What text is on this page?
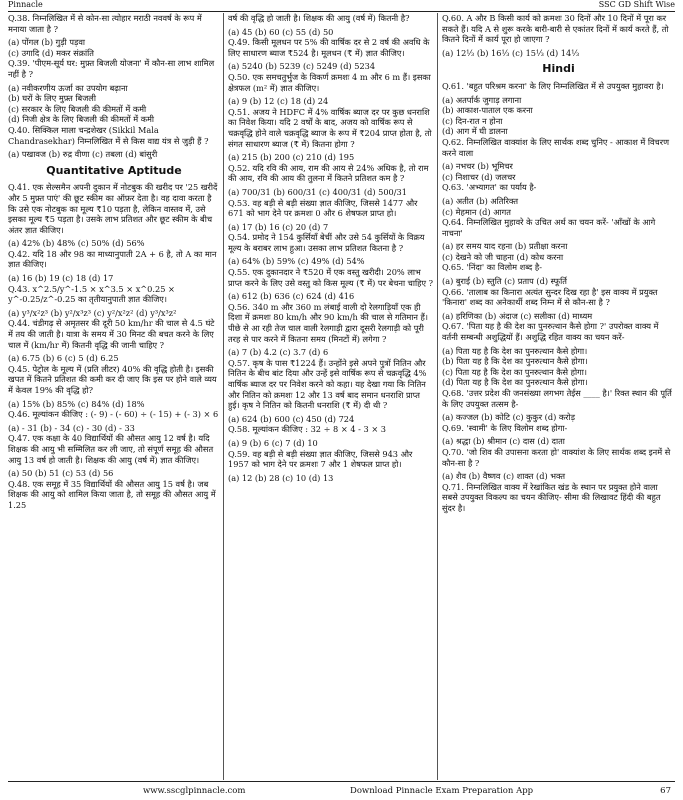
Pinnacle	SSC GD Shift Wise
Q.38. निम्नलिखित में से कोन-सा त्योहार मराठी नववर्ष के रूप में मनाया जाता है ?
(a) पोंगल (b) गुड़ी पड़वा
(c) उगादि (d) मकर संक्रांति
Q.39. 'पीएम-सूर्य घर: मुफ़्त बिजली योजना' में कौन-सा लाभ शामिल नहीं है ?
(a) नवीकरणीय ऊर्जा का उपयोग बढ़ाना
(b) घरों के लिए मुफ़्त बिजली
(c) सरकार के लिए बिजली की कीमतों में कमी
(d) निजी क्षेत्र के लिए बिजली की कीमतों में कमी
Q.40. सिक्किल माला चन्द्रशेखर (Sikkil Mala Chandrasekhar) निम्नलिखित में से किस वाद्य यंत्र से जुड़ी हैं ?
(a) पखावज (b) रुद्र वीणा (c) तबला (d) बांसुरी
Quantitative Aptitude
Q.41. एक सेल्समैन अपनी दुकान में नोटबुक की खरीद पर '25 खरीदें और 5 मुफ़्त पाएं' की छूट स्कीम का ऑफ़र देता है। वह दावा करता है कि उसे एक नोटबुक का मूल्य ₹10 पड़ता है, लेकिन वास्तव में, उसे इसका मूल्य ₹5 पड़ता है। उसके लाभ प्रतिशत और छूट स्कीम के बीच अंतर ज्ञात कीजिए।
(a) 42% (b) 48% (c) 50% (d) 56%
Q.42. यदि 18 और 98 का माध्यानुपाती 2A + 6 है, तो A का मान ज्ञात कीजिए।
(a) 16 (b) 19 (c) 18 (d) 17
Q.43. x^2.5/y^-1.5 × x^3.5 × x^0.25 × y^-0.25/z^-0.25 का तृतीयानुपाती ज्ञात कीजिए।
(a) y³/x²z³ (b) y²/x³z³ (c) y²/x²z² (d) y³/x³z²
Q.44. चंडीगढ़ से अमृतसर की दूरी 50 km/hr की चाल से 4.5 घंटे में तय की जाती है। यात्रा के समय में 30 मिनट की बचत करने के लिए चाल में (km/hr में) कितनी वृद्धि की जानी चाहिए ?
(a) 6.75 (b) 6 (c) 5 (d) 6.25
Q.45. पेट्रोल के मूल्य में (प्रति लीटर) 40% की वृद्धि होती है। इसकी खपत में कितने प्रतिशत की कमी कर दी जाए कि इस पर होने वाले व्यय में केवल 19% की वृद्धि हो?
(a) 15% (b) 85% (c) 84% (d) 18%
Q.46. मूल्यांकन कीजिए : (- 9) - (- 60) ÷ (- 15) + (- 3) × 6
(a) - 31 (b) - 34 (c) - 30 (d) - 33
Q.47. एक कक्षा के 40 विद्यार्थियों की औसत आयु 12 वर्ष है। यदि शिक्षक की आयु भी सम्मिलित कर ली जाए, तो संपूर्ण समूह की औसत आयु 13 वर्ष हो जाती है। शिक्षक की आयु (वर्ष में) ज्ञात कीजिए।
(a) 50 (b) 51 (c) 53 (d) 56
Q.48. एक समूह में 35 विद्यार्थियों की औसत आयु 15 वर्ष है। जब शिक्षक की आयु को शामिल किया जाता है, तो समूह की औसत आयु में 1.25
वर्ष की वृद्धि हो जाती है। शिक्षक की आयु (वर्ष में) कितनी है?
(a) 45 (b) 60 (c) 55 (d) 50
Q.49. किसी मूलधन पर 5% की वार्षिक दर से 2 वर्ष की अवधि के लिए साधारण ब्याज ₹524 है। मूलधन (₹ में) ज्ञात कीजिए।
(a) 5240 (b) 5239 (c) 5249 (d) 5234
Q.50. एक समचतुर्भुज के विकर्ण क्रमशः 4 m और 6 m हैं। इसका क्षेत्रफल (m² में) ज्ञात कीजिए।
(a) 9 (b) 12 (c) 18 (d) 24
Q.51. अजय ने HDFC में 4% वार्षिक ब्याज दर पर कुछ धनराशि का निवेश किया। यदि 2 वर्षों के बाद, अजय को वार्षिक रूप से चक्रवृद्धि होने वाले चक्रवृद्धि ब्याज के रूप में ₹204 प्राप्त होता है, तो संगत साधारण ब्याज (₹ में) कितना होगा ?
(a) 215 (b) 200 (c) 210 (d) 195
Q.52. यदि रवि की आय, राम की आय से 24% अधिक है, तो राम की आय, रवि की आय की तुलना में कितने प्रतिशत कम है ?
(a) 700/31 (b) 600/31 (c) 400/31 (d) 500/31
Q.53. वह बड़ी से बड़ी संख्या ज्ञात कीजिए, जिससे 1477 और 671 को भाग देने पर क्रमशः 0 और 6 शेषफल प्राप्त हो।
(a) 17 (b) 16 (c) 20 (d) 7
Q.54. प्रमोद ने 154 कुर्सियाँ बेचीं और उसे 54 कुर्सियों के विक्रय मूल्य के बराबर लाभ हुआ। उसका लाभ प्रतिशत कितना है ?
(a) 64% (b) 59% (c) 49% (d) 54%
Q.55. एक दुकानदार ने ₹520 में एक वस्तु खरीदी। 20% लाभ प्राप्त करने के लिए उसे वस्तु को किस मूल्य (₹ में) पर बेचना चाहिए ?
(a) 612 (b) 636 (c) 624 (d) 416
Q.56. 340 m और 360 m लंबाई वाली दो रेलगाड़ियाँ एक ही दिशा में क्रमशः 80 km/h और 90 km/h की चाल से गतिमान हैं। पीछे से आ रही तेज चाल वाली रेलगाड़ी द्वारा दूसरी रेलगाड़ी को पूरी तरह से पार करने में कितना समय (मिनटों में) लगेगा ?
(a) 7 (b) 4.2 (c) 3.7 (d) 6
Q.57. कृष के पास ₹1224 हैं। उन्होंने इसे अपने पुत्रों नितिन और नितिन के बीच बांट दिया और उन्हें इसे वार्षिक रूप से चक्रवृद्धि 4% वार्षिक ब्याज दर पर निवेश करने को कहा। यह देखा गया कि नितिन और नितिन को क्रमशः 12 और 13 वर्ष बाद समान धनराशि प्राप्त हुई। कृष ने नितिन को कितनी धनराशि (₹ में) दी थी ?
(a) 624 (b) 600 (c) 450 (d) 724
Q.58. मूल्यांकन कीजिए : 32 ÷ 8 × 4 - 3 × 3
(a) 9 (b) 6 (c) 7 (d) 10
Q.59. वह बड़ी से बड़ी संख्या ज्ञात कीजिए, जिससे 943 और 1957 को भाग देने पर क्रमशः 7 और 1 शेषफल प्राप्त हो।
(a) 12 (b) 28 (c) 10 (d) 13
Q.60. A और B किसी कार्य को क्रमशः 30 दिनों और 10 दिनों में पूरा कर सकते हैं। यदि A से शुरू करके बारी-बारी से एकांतर दिनों में कार्य करते हैं, तो कितने दिनों में कार्य पूरा हो जाएगा ?
(a) 12⅓ (b) 16⅓ (c) 15⅓ (d) 14⅓
Hindi
Q.61. 'बहुत परिश्रम करना' के लिए निम्नलिखित में से उपयुक्त मुहावरा है।
(a) अतर्पार्क जुगाड़ लगाना
(b) आकाश-पाताल एक करना
(c) दिन-रात न होना
(d) आग में घी डालना
Q.62. निम्नलिखित वाक्यांश के लिए सार्थक शब्द चुनिए - आकाश में विचरण करने वाला
(a) नभचर (b) भूमिचर
(c) निशाचर (d) जलचर
Q.63. 'अभ्यागत' का पर्याय है-
(a) अतीत (b) अतिरिक्त
(c) मेहमान (d) आगत
Q.64. निम्नलिखित मुहावरे के उचित अर्थ का चयन करें- 'आँखों के आगे नाचना'
(a) हर समय याद रहना (b) प्रतीक्षा करना
(c) देखने को जी चाहना (d) कोध करना
Q.65. 'निंदा' का विलोम शब्द है-
(a) बुराई (b) स्तुति (c) प्रताप (d) स्फूर्ति
Q.66. 'तालाब का किनारा अत्यंत सुन्दर दिख रहा है' इस वाक्य में प्रयुक्त 'किनारा' शब्द का अनेकार्थी शब्द निम्न में से कौन-सा है ?
(a) हरिणिका (b) अंदाज (c) सलीका (d) माध्यम
Q.67. 'पिता यह है की देश का पुनरुत्थान कैसे होगा ?' उपरोक्त वाक्य में वर्तनी सम्बन्धी अशुद्धियों हैं। अशुद्धि रहित वाक्य का चयन करें-
(a) पिता यह है कि देश का पुनरुत्थान कैसे होगा।
(b) पिता यह है कि देश का पुनरुत्थान कैसे होगा।
(c) पिता यह है कि देश का पुनरुत्थान कैसे होगा।
(d) पिता यह है कि देश का पुनरुत्थान कैसे होगा।
Q.68. 'उत्तर प्रदेश की जनसंख्या लगभग तेईस ____ है।' रिक्त स्थान की पूर्ति के लिए उपयुक्त तत्सम है-
(a) कज्जल (b) कोटि (c) कुकुर (d) करोड़
Q.69. 'स्वामी' के लिए विलोम शब्द होगा-
(a) श्रद्धा (b) श्रीमान (c) दास (d) दाता
Q.70. 'जो शिव की उपासना करता हो' वाक्यांश के लिए सार्थक शब्द इनमें से कौन-सा है ?
(a) शैव (b) वैष्णव (c) शाक्त (d) भक्त
Q.71. निम्नलिखित वाक्य में रेखांकित खंड के स्थान पर प्रयुक्त होने वाला सबसे उपयुक्त विकल्प का चयन कीजिए- सीमा की लिखावट हिंदी की बहुत सुंदर है।
www.sscglpinnacle.com	Download Pinnacle Exam Preparation App	67
